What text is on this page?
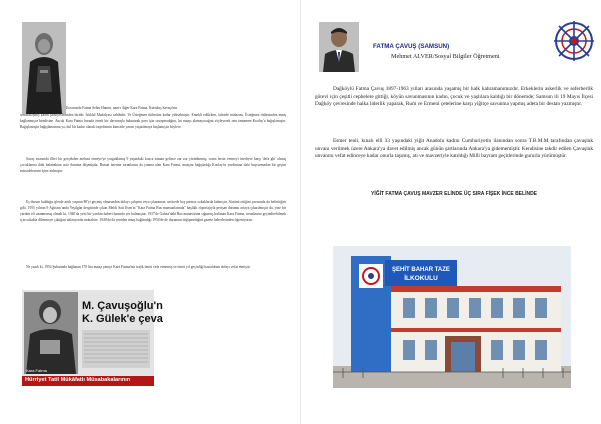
Erzurumlu Fatma Seher Hanım, nam-ı diğer Kara Fatma, Kurtuluş Savaşı'nın

sembolleşmiş kadın şahsiyetlerinden biridir. İstiklal Madalyası sahibidir. Ve Üsteğmen rütbesine kadar yükselmiştir. Emekli edilirken, fahrede mülazım, Üsteğmen rütbesinden maaş bağlanmıştır kendisine. Ancak Kara Fatma burada örnek bir davranışla bulunarak para için savaşmadığını, bu maaşı alamayacağını söyleyerek onu tamamen Kızılay'a bağışlamıştır. Bağışlamıştır bağışlamasına ya, dul bir kadın olarak trajedisinin kimsede yarası yaşatılmaya başlamıştır böylece.

Savaş sırasında illeri bir gerçekden mebusi etmeye'ye yurguklamış 9 yaşındaki kozca zaman gelince zar zor yürüdürmüş, sonra besin vermeyi istediyse karşı 'defa ghi' olmuş çocuklarına dahi bakmaktan aciz duruma düşmüştür. Bunun üzerine torunlarını da yanına alan Kara Fatma, maaşını bağışladığı Kızılay'ın yardımına dahi başvurmadan bir geçim mücadelesinin içine atılmıştır.

Eş durum bulduğu işlerde artık yaşının 80'yi geçmiş olmasından dolayı çalışma veya çıkaramaz, neticede boş parasız sokaklarda kalmıştır. Sözünü ettiğim yazısında da belirttiğim gibi, 1955 yılının 9 Ağustos'unda Yeşilgün dergisinde çıkan Meldi Sait Esen'in "Kara Fatma Bus mansunlarında" başlıklı röportajıyla perişan durumu ortaya çıkarılmıştır da, yine bir yardım eli uzanmamış olmalı ki, 1940'da yeni bir yardım haberi basında yer bulmuştur. 1937'de Galata'daki Bus manastırına sığınmış bulunan Kara Fatma, torunlarına geçindirebilmek için sokakta dilenmeye çıktığını anlatıyordu mahabire. 1940'da da yeniden maaş bağlandığı 1954'de de durumun değişmediğini gazete haberlerinden öğreniyoruz.

Ne yazık ki, 1954 Şubatında bağlanan 170 lira maaşı yamçe Kara Fatma'nın trajik ömrü vefa etmemiş ve ömrü yıl geçirdiği hastalıktan dolayı vefat etmiştir.

M. Çavuşoğlu'n
K. Gülek'e çeva
Kara Fatma
Hürriyet Tatil Mükâfatlı Müsabakalarının
FATMA ÇAVUŞ (SAMSUN)
Mehmet ALVER/Sosyal Bilgiler Öğretmeni

Dağköylü Fatma Çavuş 1897-1963 yılları arasında yaşamış bir halk kahramanımızdır. Erkeklerin askerlik ve seferberlik görevi için çeşitli cephelere gittiği, köyün savunmasının kadın, çocuk ve yaşlılara kaldığı bir dönemde; Samsun ili 19 Mayıs İlçesi Dağköy çevresinde halka liderlik yaparak, Rum ve Ermeni çetelerine karşı yiğitçe savunma yapmış adeta bir destan yazmıştır.

Esmer tenli, kınalı elli 33 yaşındaki yiğit Anadolu kadını Cumhuriyetin ilanından sonra T.B.M.M tarafından çavuşluk unvanı verilmek üzere Ankara'ya davet edilmiş ancak günün şartlarında Ankara'ya gidememiştir. Kendisine takdir edilen Çavuşluk unvanını vefat edinceye kadar onurla taşımış, atı ve mavzeriyle katıldığı Milli bayram geçitlerinde gururla yürümüştür.

YİĞİT FATMA ÇAVUŞ MAVZER ELİNDE ÜÇ SIRA FİŞEK İNCE BELİNDE
ŞEHİT BAHAR TAZE
İLKOKULU
